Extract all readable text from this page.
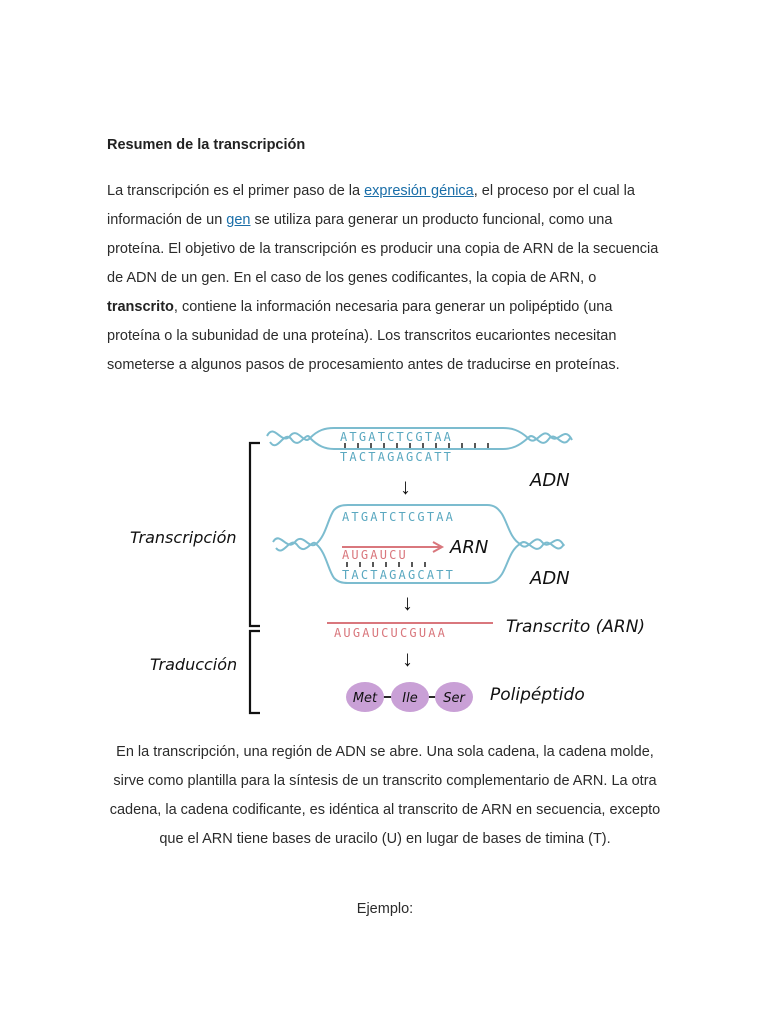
Resumen de la transcripción

La transcripción es el primer paso de la expresión génica, el proceso por el cual la información de un gen se utiliza para generar un producto funcional, como una proteína. El objetivo de la transcripción es producir una copia de ARN de la secuencia de ADN de un gen. En el caso de los genes codificantes, la copia de ARN, o transcrito, contiene la información necesaria para generar un polipéptido (una proteína o la subunidad de una proteína). Los transcritos eucariontes necesitan someterse a algunos pasos de procesamiento antes de traducirse en proteínas.

Transcripción
Traducción
ATGATCTCGTAA
TACTAGAGCATT
ADN
↓
ATGATCTCGTAA
AUGAUCU ARN
TACTAGAGCATT	ADN
↓
AUGAUCUCGUAA	Transcrito (ARN)
↓
Met Ile Ser Polipéptido

En la transcripción, una región de ADN se abre. Una sola cadena, la cadena molde, sirve como plantilla para la síntesis de un transcrito complementario de ARN. La otra cadena, la cadena codificante, es idéntica al transcrito de ARN en secuencia, excepto que el ARN tiene bases de uracilo (U) en lugar de bases de timina (T).

Ejemplo:
